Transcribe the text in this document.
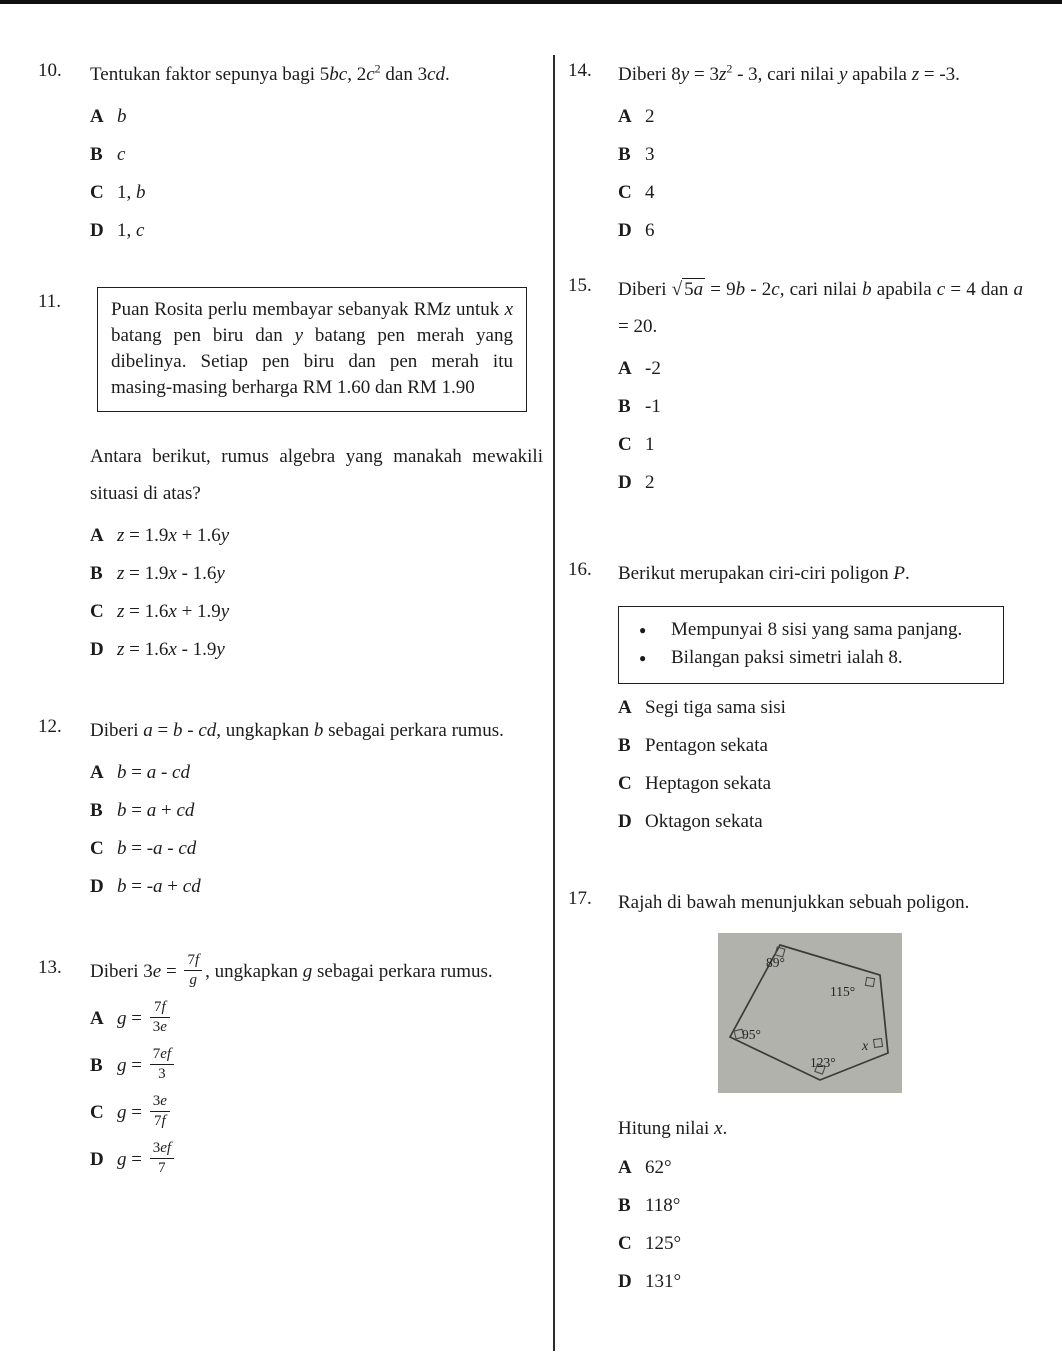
10.	Tentukan faktor sepunya bagi 5bc, $2c^2$ dan 3cd.

A b
B c
C 1, b
D 1, c
11.	Puan Rosita perlu membayar sebanyak RMz untuk x batang pen biru dan y batang pen merah yang dibelinya. Setiap pen biru dan pen merah itu masing-masing berharga RM 1.60 dan RM 1.90

Antara berikut, rumus algebra yang manakah mewakili situasi di atas?

A z = 1.9x + 1.6y
B z = 1.9x - 1.6y
C z = 1.6x + 1.9y
D z = 1.6x - 1.9y
12.	Diberi a = b - cd, ungkapkan b sebagai perkara rumus.

A b = a - cd
B b = a + cd
C b = -a - cd
D b = -a + cd
13.	Diberi $3e = \frac{7f}{g}$ , ungkapkan g sebagai perkara rumus.

A $g = \frac{7f}{3e}$
B $g = \frac{7ef}{3}$
C $g = \frac{3e}{7f}$
D $g = \frac{3ef}{7}$
14.	Diberi $8y = 3z^2 - 3$, cari nilai y apabila z = -3.

A 2
B 3
C 4
D 6
15.	Diberi √ 5a = 9b - 2c, cari nilai b apabila c = 4 dan a = 20.

A -2
B -1
C 1
D 2
16.	Berikut merupakan ciri-ciri poligon P.

●	Mempunyai 8 sisi yang sama panjang.
●	Bilangan paksi simetri ialah 8.
A Segi tiga sama sisi
B Pentagon sekata
C Heptagon sekata
D Oktagon sekata
17.	Rajah di bawah menunjukkan sebuah poligon.

89°
115°
95°
123°
x

Hitung nilai x.

A 62°
B 118°
C 125°
D 131°
